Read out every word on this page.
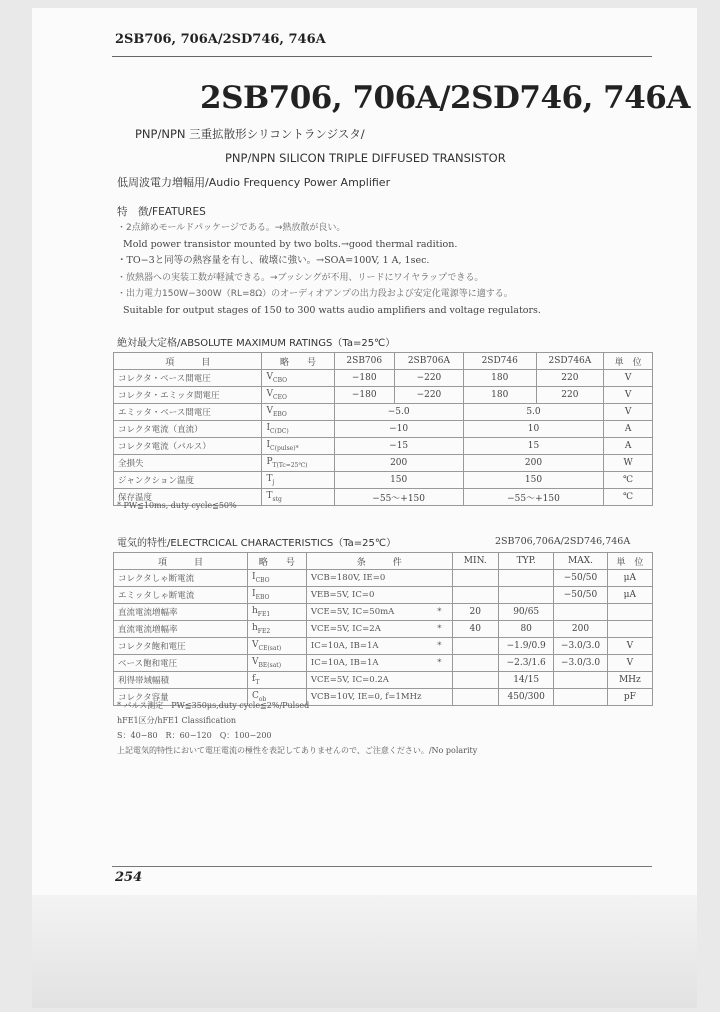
2SB706, 706A/2SD746, 746A
2SB706, 706A/2SD746, 746A
PNP/NPN 三重拡散形シリコントランジスタ/
PNP/NPN SILICON TRIPLE DIFFUSED TRANSISTOR
低周波電力増幅用/Audio Frequency Power Amplifier
特　徴/FEATURES
・2点締めモールドパッケージである。→熱放散が良い。
Mold power transistor mounted by two bolts.→good thermal radition.
・TO−3と同等の熱容量を有し、破壊に強い。→SOA=100V, 1 A, 1sec.
・放熱器への実装工数が軽減できる。→ブッシングが不用、リードにワイヤラップできる。
・出力電力150W−300W（RL=8Ω）のオーディオアンプの出力段および安定化電源等に適する。
Suitable for output stages of 150 to 300 watts audio amplifiers and voltage regulators.
絶対最大定格/ABSOLUTE MAXIMUM RATINGS（Ta=25℃）
項　　　目	略　　号	2SB706	2SB706A	2SD746	2SD746A	単　位
コレクタ・ベース間電圧	$V_{CBO}$	−180	−220	180	220	V
コレクタ・エミッタ間電圧	$V_{CEO}$	−180	−220	180	220	V
エミッタ・ベース間電圧	$V_{EBO}$	−5.0		5.0		V
コレクタ電流（直流）	$I_{C(DC)}$	−10		10		A
コレクタ電流（パルス）	$I_{C(pulse)*}$	−15		15		A
全損失	$P_{T(Tc=25℃)}$	200		200		W
ジャンクション温度	$T_j$	150		150		℃
保存温度	$T_{stg}$	−55〜+150		−55〜+150		℃
* PW≦10ms, duty cycle≦50%
電気的特性/ELECTRCICAL CHARACTERISTICS（Ta=25℃）	2SB706,706A/2SD746,746A
項　　　目	略　　号	条　　　件	MIN.	TYP.	MAX.	単　位
コレクタしゃ断電流	$I_{CBO}$	VCB=180V, IE=0			−50/50	μA
エミッタしゃ断電流	$I_{EBO}$	VEB=5V, IC=0			−50/50	μA
直流電流増幅率	$h_{FE1}$	VCE=5V, IC=50mA *	20	90/65		
直流電流増幅率	$h_{FE2}$	VCE=5V, IC=2A *	40	80	200	
コレクタ飽和電圧	$V_{CE(sat)}$	IC=10A, IB=1A *		−1.9/0.9	−3.0/3.0	V
ベース飽和電圧	$V_{BE(sat)}$	IC=10A, IB=1A *		−2.3/1.6	−3.0/3.0	V
利得帯域幅積	$f_T$	VCE=5V, IC=0.2A		14/15		MHz
コレクタ容量	$C_{ob}$	VCB=10V, IE=0, f=1MHz		450/300		pF
* パルス測定　PW≦350μs,duty cycle≦2%/Pulsed
hFE1区分/hFE1 Classification
S：40−80　R：60−120　Q：100−200
上記電気的特性において電圧電流の極性を表記してありませんので、ご注意ください。/No polarity
254
